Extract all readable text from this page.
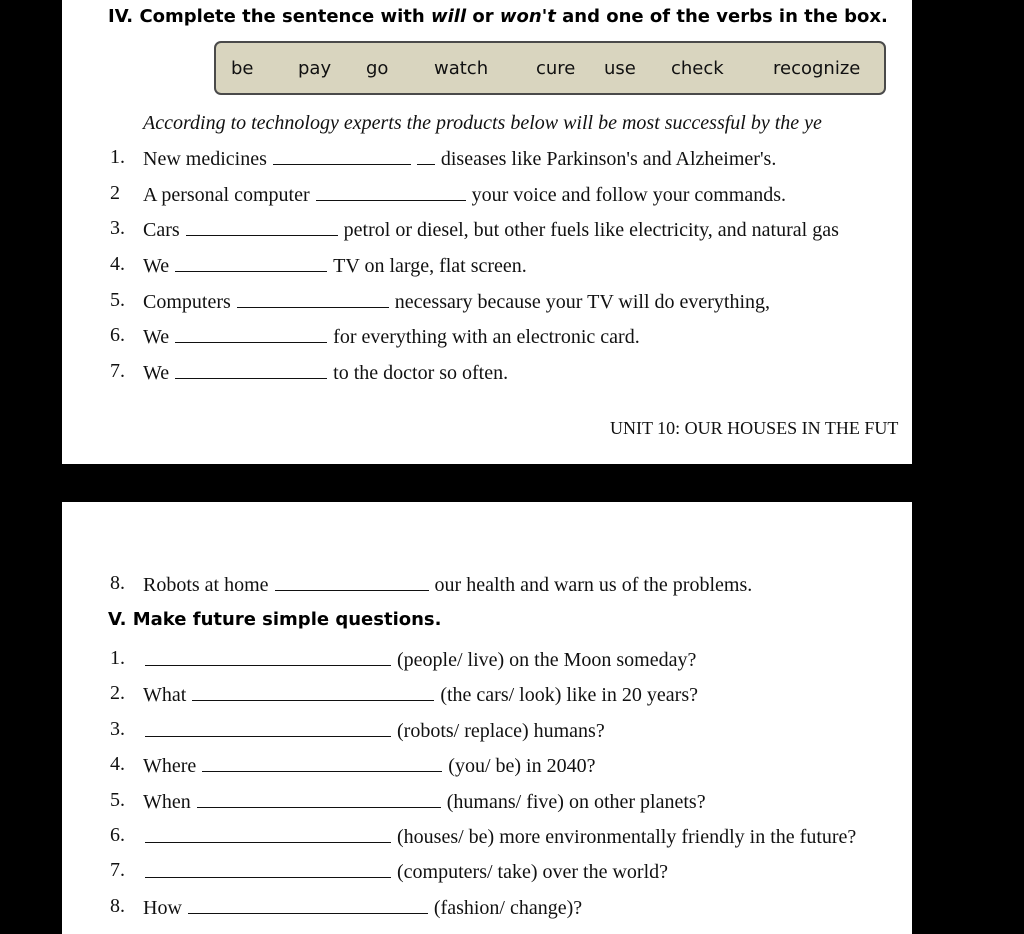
IV. Complete the sentence with will or won't and one of the verbs in the box.
be pay go	watch	cure use check	recognize
According to technology experts the products below will be most successful by the ye
1. New medicines	diseases like Parkinson's and Alzheimer's.
2 A personal computer	your voice and follow your commands.
3. Cars	petrol or diesel, but other fuels like electricity, and natural gas
4. We	TV on large, flat screen.
5. Computers	necessary because your TV will do everything,
6. We	for everything with an electronic card.
7. We	to the doctor so often.
UNIT 10: OUR HOUSES IN THE FUT
8. Robots at home	our health and warn us of the problems.
V. Make future simple questions.
1.	(people/ live) on the Moon someday?
2. What	(the cars/ look) like in 20 years?
3.	(robots/ replace) humans?
4. Where	(you/ be) in 2040?
5. When	(humans/ five) on other planets?
6.	(houses/ be) more environmentally friendly in the future?
7.	(computers/ take) over the world?
8. How	(fashion/ change)?
